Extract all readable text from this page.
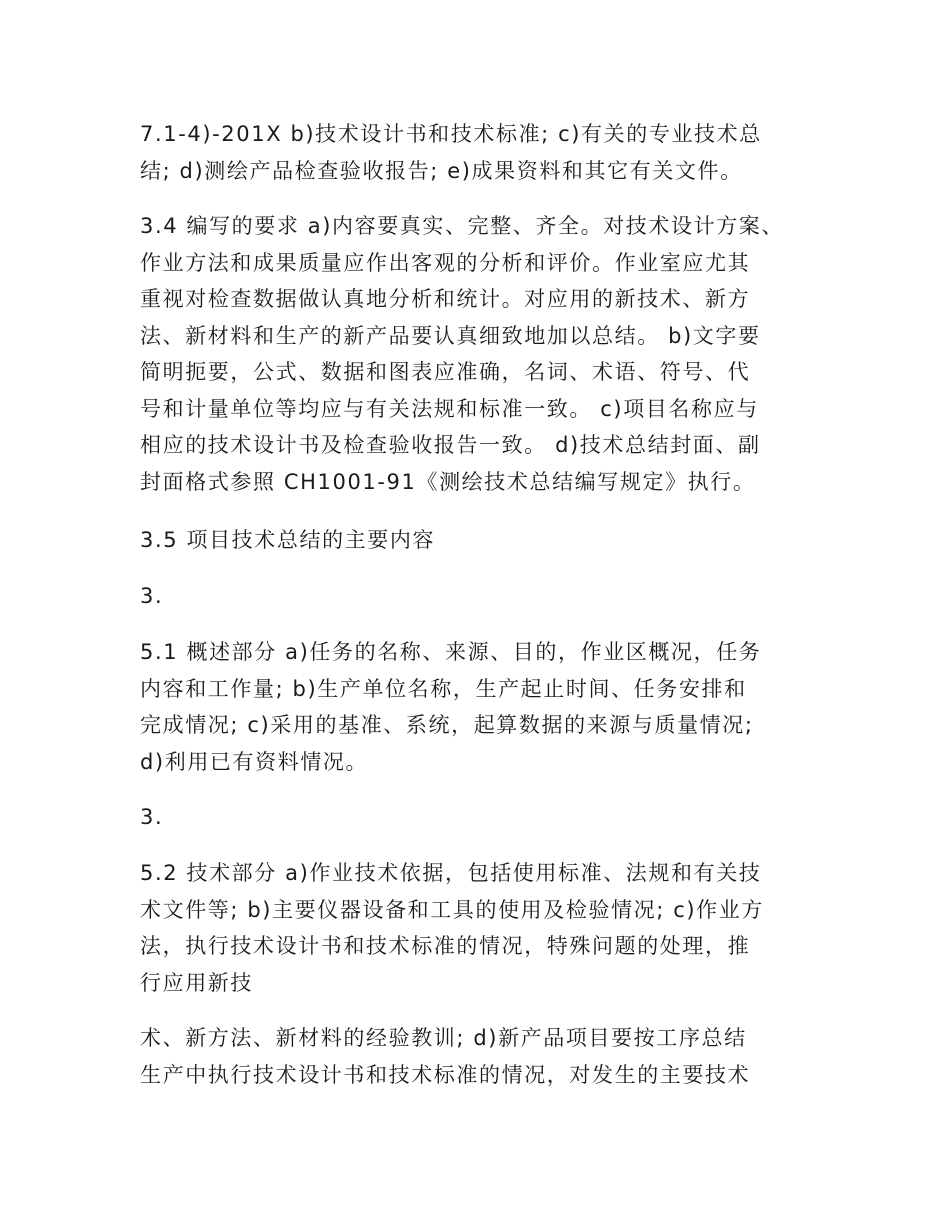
7.1-4)-201X b)技术设计书和技术标准; c)有关的专业技术总

结; d)测绘产品检查验收报告; e)成果资料和其它有关文件。

3.4 编写的要求 a)内容要真实、完整、齐全。对技术设计方案、

作业方法和成果质量应作出客观的分析和评价。作业室应尤其

重视对检查数据做认真地分析和统计。对应用的新技术、新方

法、新材料和生产的新产品要认真细致地加以总结。 b)文字要

简明扼要，公式、数据和图表应准确，名词、术语、符号、代

号和计量单位等均应与有关法规和标准一致。 c)项目名称应与

相应的技术设计书及检查验收报告一致。 d)技术总结封面、副

封面格式参照 CH1001-91《测绘技术总结编写规定》执行。

3.5 项目技术总结的主要内容

3.

5.1 概述部分 a)任务的名称、来源、目的，作业区概况，任务

内容和工作量; b)生产单位名称，生产起止时间、任务安排和

完成情况; c)采用的基准、系统，起算数据的来源与质量情况;

d)利用已有资料情况。

3.

5.2 技术部分 a)作业技术依据，包括使用标准、法规和有关技

术文件等; b)主要仪器设备和工具的使用及检验情况; c)作业方

法，执行技术设计书和技术标准的情况，特殊问题的处理，推

行应用新技

术、新方法、新材料的经验教训; d)新产品项目要按工序总结

生产中执行技术设计书和技术标准的情况，对发生的主要技术
